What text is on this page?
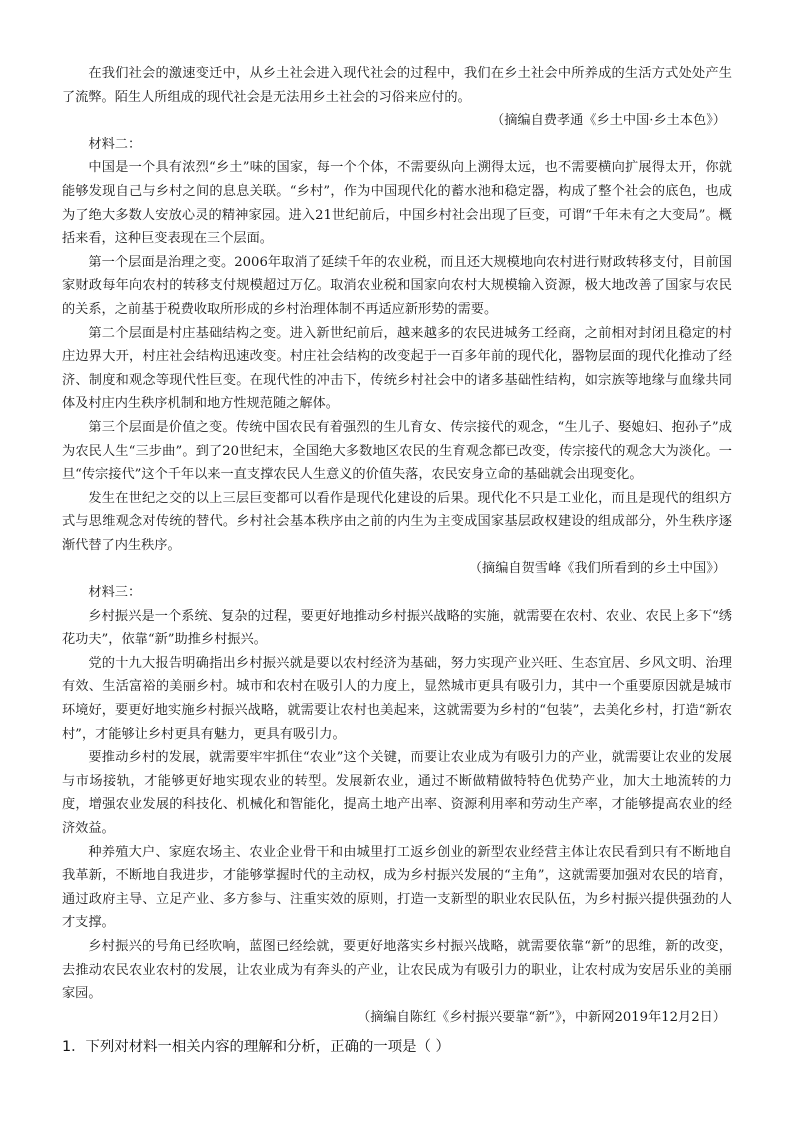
在我们社会的激速变迁中，从乡土社会进入现代社会的过程中，我们在乡土社会中所养成的生活方式处处产生了流弊。陌生人所组成的现代社会是无法用乡土社会的习俗来应付的。

（摘编自费孝通《乡土中国·乡土本色》）

材料二：

中国是一个具有浓烈“乡土”味的国家，每一个个体，不需要纵向上溯得太远，也不需要横向扩展得太开，你就能够发现自己与乡村之间的息息关联。“乡村”，作为中国现代化的蓄水池和稳定器，构成了整个社会的底色，也成为了绝大多数人安放心灵的精神家园。进入21世纪前后，中国乡村社会出现了巨变，可谓“千年未有之大变局”。概括来看，这种巨变表现在三个层面。

第一个层面是治理之变。2006年取消了延续千年的农业税，而且还大规模地向农村进行财政转移支付，目前国家财政每年向农村的转移支付规模超过万亿。取消农业税和国家向农村大规模输入资源，极大地改善了国家与农民的关系，之前基于税费收取所形成的乡村治理体制不再适应新形势的需要。

第二个层面是村庄基础结构之变。进入新世纪前后，越来越多的农民进城务工经商，之前相对封闭且稳定的村庄边界大开，村庄社会结构迅速改变。村庄社会结构的改变起于一百多年前的现代化，器物层面的现代化推动了经济、制度和观念等现代性巨变。在现代性的冲击下，传统乡村社会中的诸多基础性结构，如宗族等地缘与血缘共同体及村庄内生秩序机制和地方性规范随之解体。

第三个层面是价值之变。传统中国农民有着强烈的生儿育女、传宗接代的观念，“生儿子、娶媳妇、抱孙子”成为农民人生“三步曲”。到了20世纪末，全国绝大多数地区农民的生育观念都已改变，传宗接代的观念大为淡化。一旦“传宗接代”这个千年以来一直支撑农民人生意义的价值失落，农民安身立命的基础就会出现变化。

发生在世纪之交的以上三层巨变都可以看作是现代化建设的后果。现代化不只是工业化，而且是现代的组织方式与思维观念对传统的替代。乡村社会基本秩序由之前的内生为主变成国家基层政权建设的组成部分，外生秩序逐渐代替了内生秩序。

（摘编自贺雪峰《我们所看到的乡土中国》）

材料三：

乡村振兴是一个系统、复杂的过程，要更好地推动乡村振兴战略的实施，就需要在农村、农业、农民上多下“绣花功夫”，依靠“新”助推乡村振兴。

党的十九大报告明确指出乡村振兴就是要以农村经济为基础，努力实现产业兴旺、生态宜居、乡风文明、治理有效、生活富裕的美丽乡村。城市和农村在吸引人的力度上，显然城市更具有吸引力，其中一个重要原因就是城市环境好，要更好地实施乡村振兴战略，就需要让农村也美起来，这就需要为乡村的“包装”，去美化乡村，打造“新农村”，才能够让乡村更具有魅力，更具有吸引力。

要推动乡村的发展，就需要牢牢抓住“农业”这个关键，而要让农业成为有吸引力的产业，就需要让农业的发展与市场接轨，才能够更好地实现农业的转型。发展新农业，通过不断做精做特特色优势产业，加大土地流转的力度，增强农业发展的科技化、机械化和智能化，提高土地产出率、资源利用率和劳动生产率，才能够提高农业的经济效益。

种养殖大户、家庭农场主、农业企业骨干和由城里打工返乡创业的新型农业经营主体让农民看到只有不断地自我革新，不断地自我进步，才能够掌握时代的主动权，成为乡村振兴发展的“主角”，这就需要加强对农民的培育，通过政府主导、立足产业、多方参与、注重实效的原则，打造一支新型的职业农民队伍，为乡村振兴提供强劲的人才支撑。

乡村振兴的号角已经吹响，蓝图已经绘就，要更好地落实乡村振兴战略，就需要依靠“新”的思维，新的改变，去推动农民农业农村的发展，让农业成为有奔头的产业，让农民成为有吸引力的职业，让农村成为安居乐业的美丽家园。

（摘编自陈红《乡村振兴要靠“新”》，中新网2019年12月2日）

1．下列对材料一相关内容的理解和分析，正确的一项是（ ）
